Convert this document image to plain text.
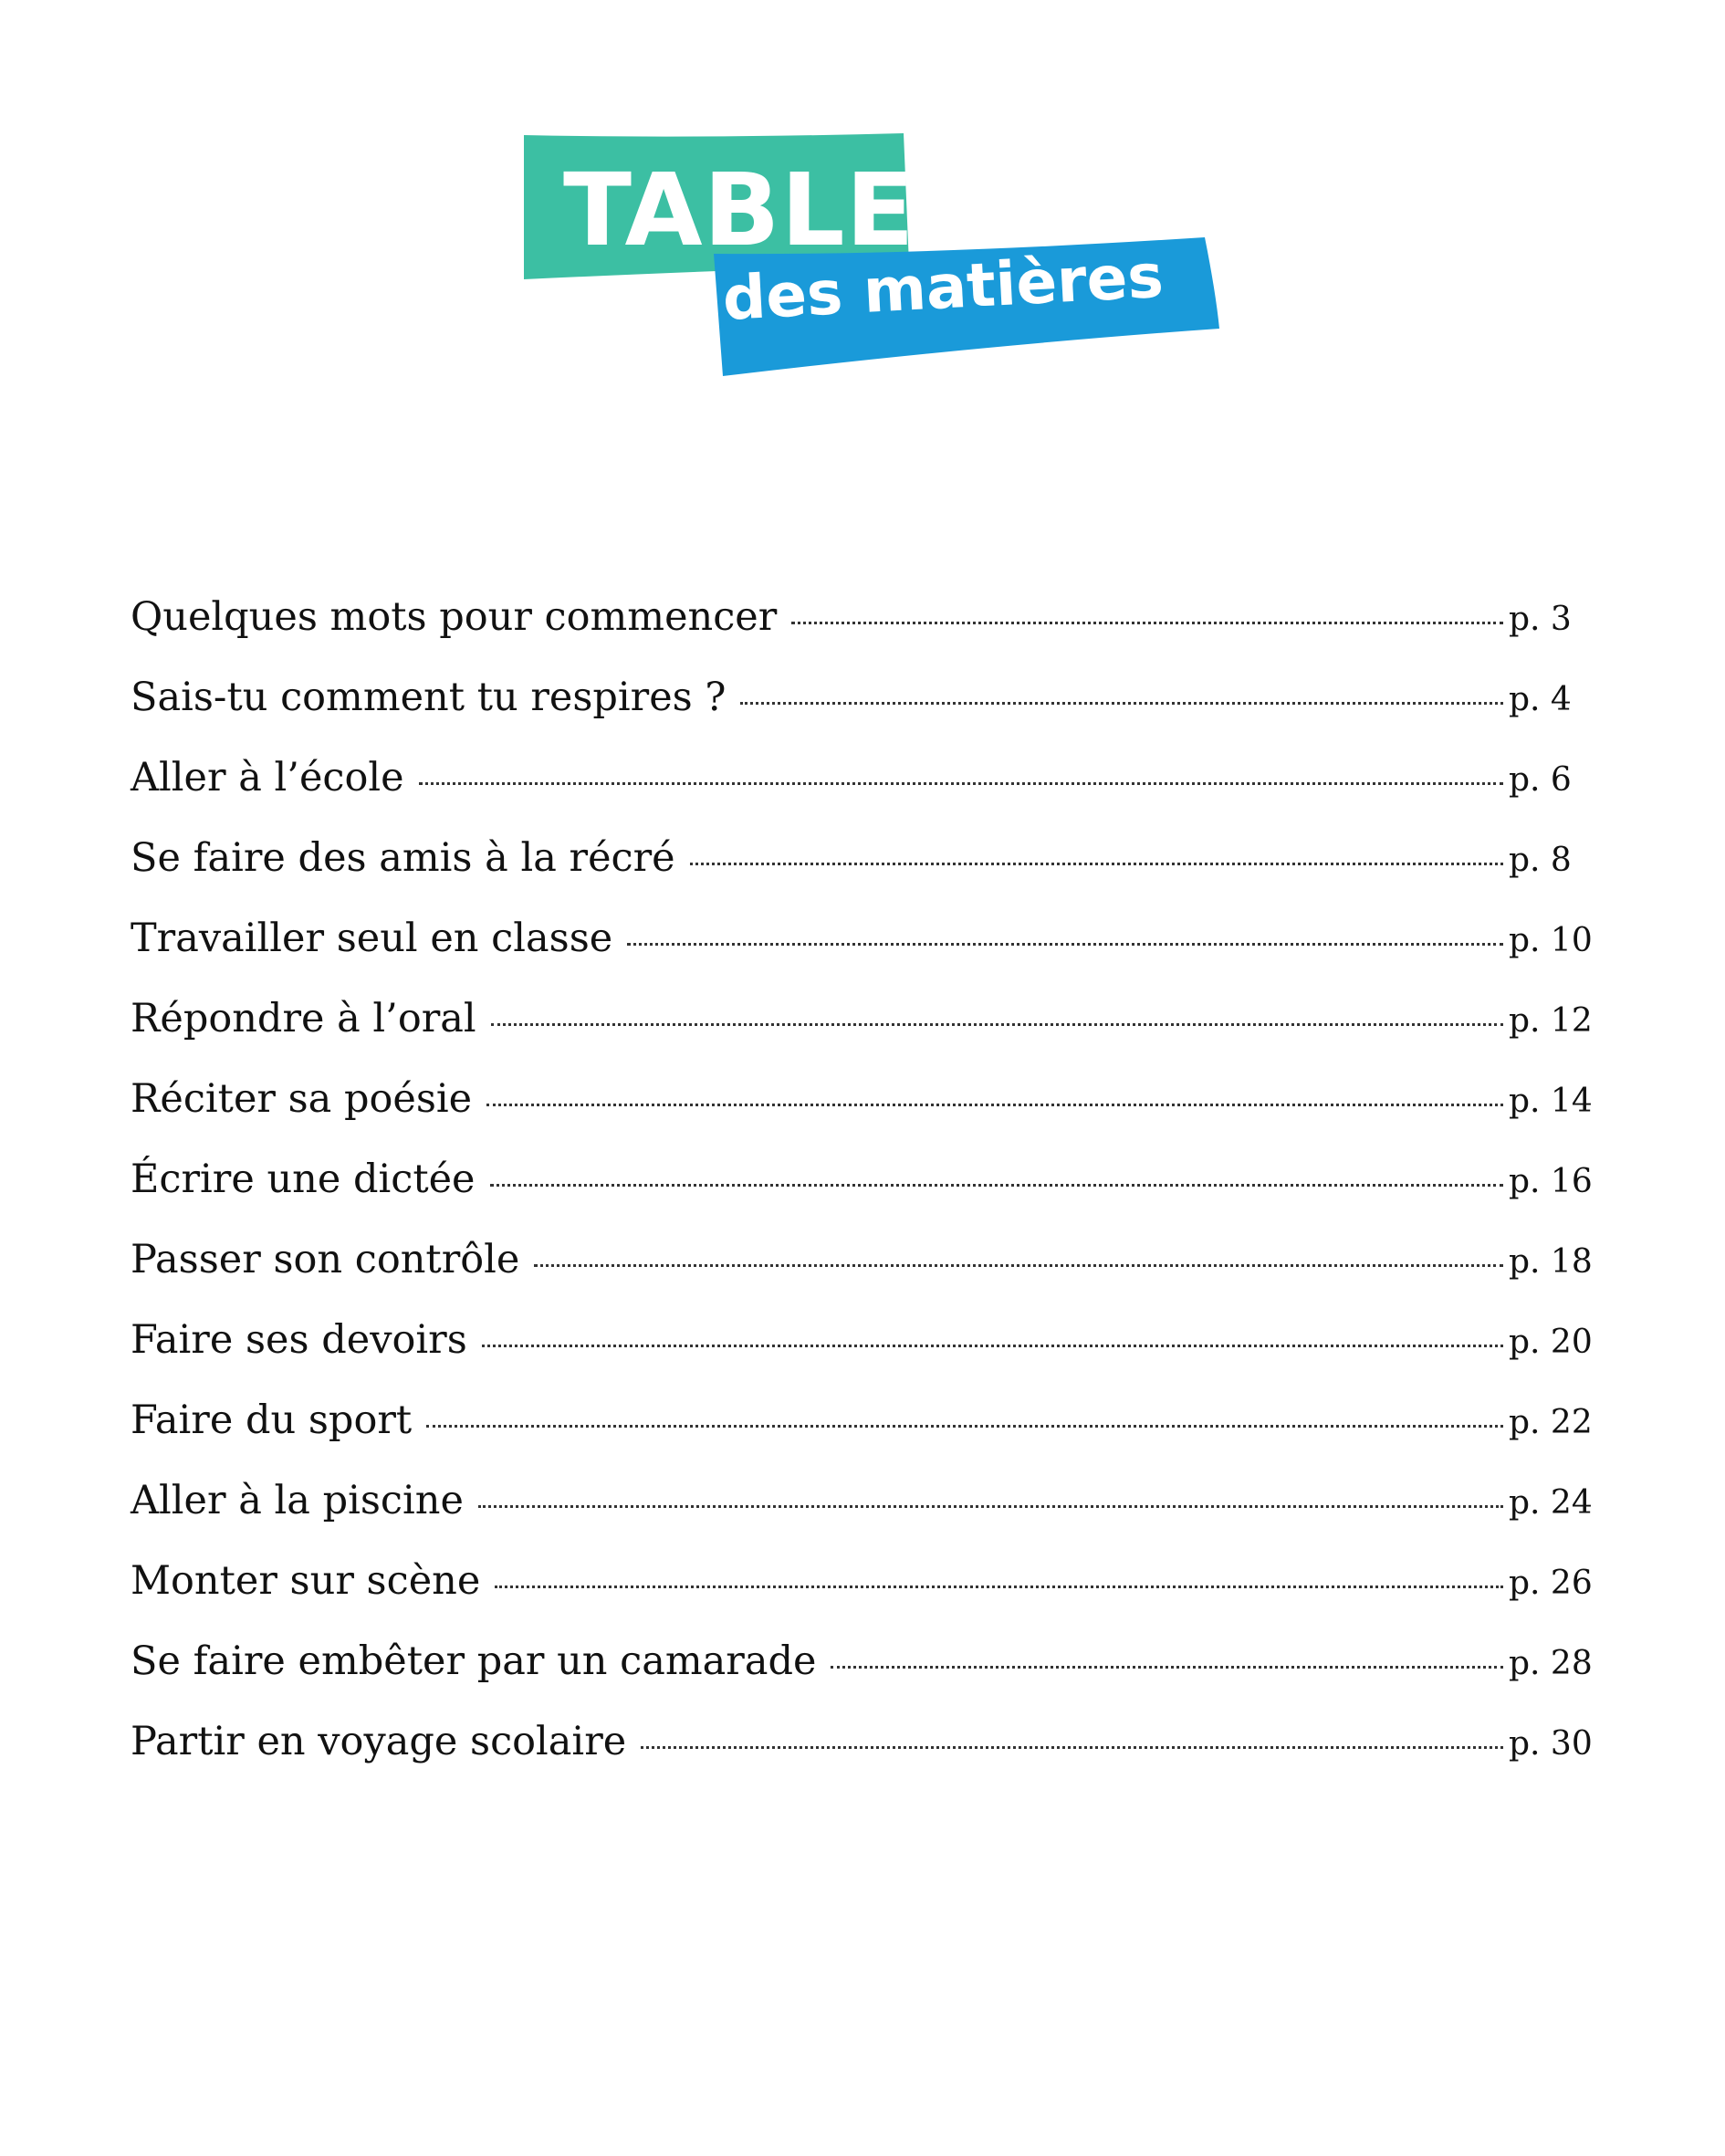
TABLE
des matières
Quelques mots pour commencer	p. 3
Sais-tu comment tu respires ?	p. 4
Aller à l’école	p. 6
Se faire des amis à la récré	p. 8
Travailler seul en classe	p. 10
Répondre à l’oral	p. 12
Réciter sa poésie	p. 14
Écrire une dictée	p. 16
Passer son contrôle	p. 18
Faire ses devoirs	p. 20
Faire du sport	p. 22
Aller à la piscine	p. 24
Monter sur scène	p. 26
Se faire embêter par un camarade	p. 28
Partir en voyage scolaire	p. 30
